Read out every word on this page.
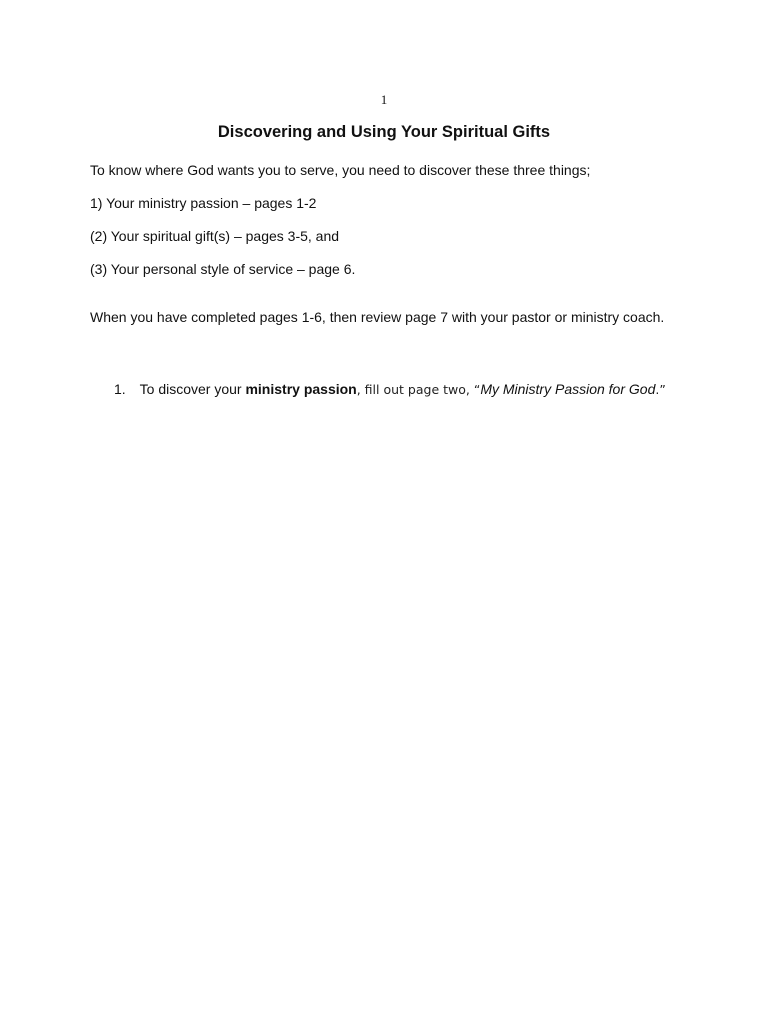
1
Discovering and Using Your Spiritual Gifts

To know where God wants you to serve, you need to discover these three things;

1) Your ministry passion – pages 1-2

(2) Your spiritual gift(s) – pages 3-5, and

(3) Your personal style of service – page 6.

When you have completed pages 1-6, then review page 7 with your pastor or ministry coach.

1. To discover your ministry passion, fill out page two, “My Ministry Passion for God.”
